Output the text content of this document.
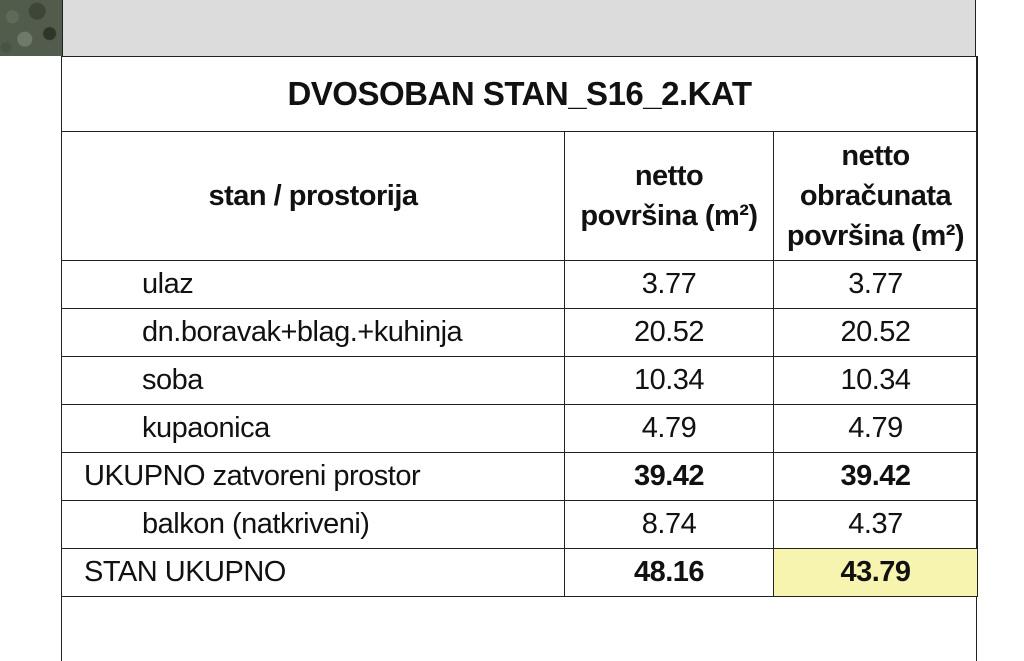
DVOSOBAN STAN_S16_2.KAT		
stan / prostorija	netto površina (m²)	netto obračunata površina (m²)
ulaz	3.77	3.77
dn.boravak+blag.+kuhinja	20.52	20.52
soba	10.34	10.34
kupaonica	4.79	4.79
UKUPNO zatvoreni prostor	39.42	39.42
balkon (natkriveni)	8.74	4.37
STAN UKUPNO	48.16	43.79
